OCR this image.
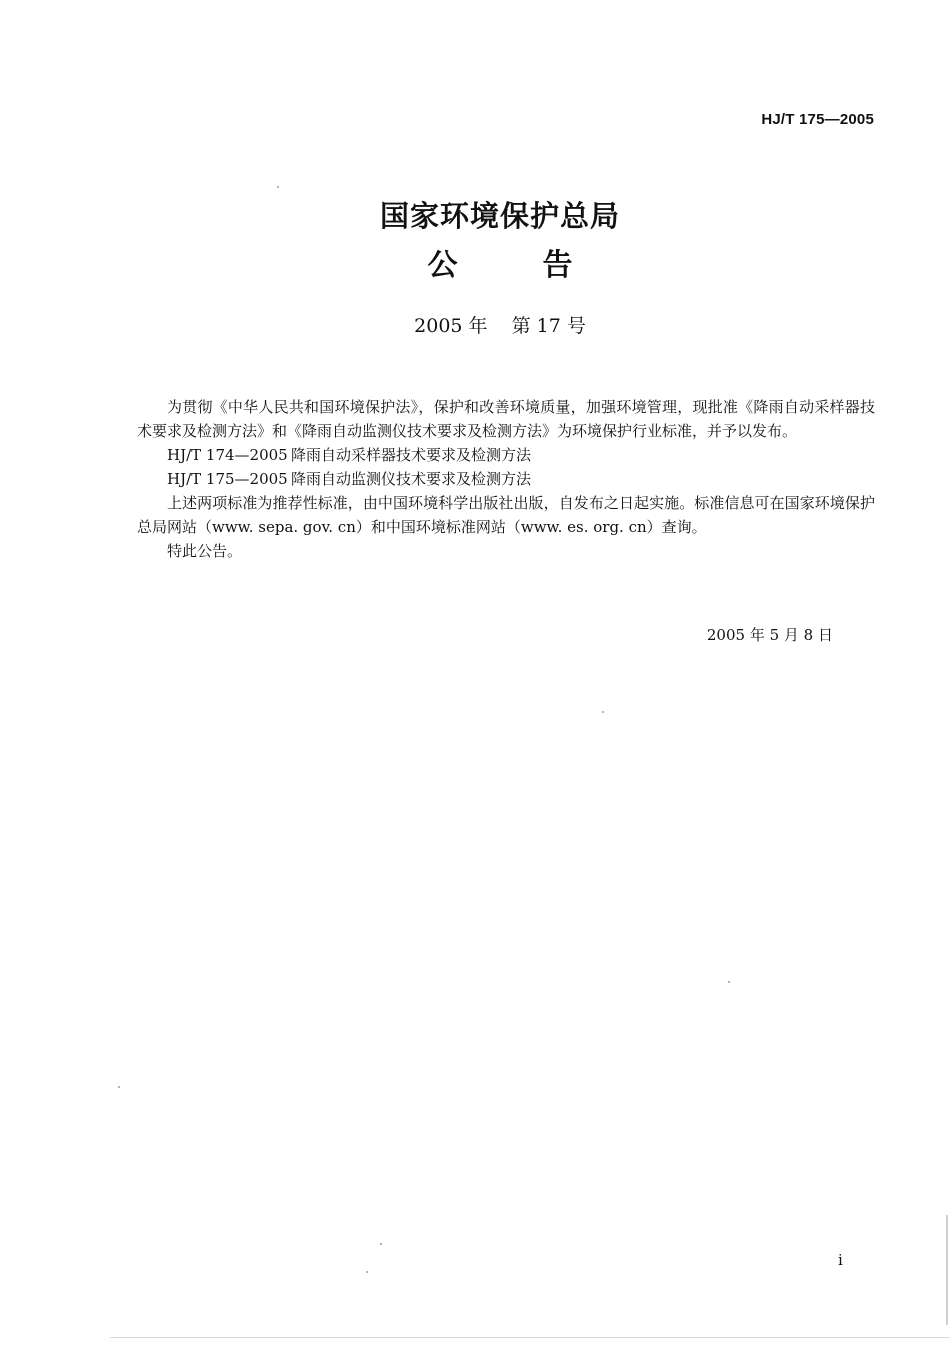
HJ/T 175—2005
国家环境保护总局
公	告
2005 年 第 17 号

为贯彻《中华人民共和国环境保护法》，保护和改善环境质量，加强环境管理，现批准《降雨自动采样器技术要求及检测方法》和《降雨自动监测仪技术要求及检测方法》为环境保护行业标准，并予以发布。

HJ/T 174—2005 降雨自动采样器技术要求及检测方法

HJ/T 175—2005 降雨自动监测仪技术要求及检测方法

上述两项标准为推荐性标准，由中国环境科学出版社出版，自发布之日起实施。标准信息可在国家环境保护总局网站（www. sepa. gov. cn）和中国环境标准网站（www. es. org. cn）查询。

特此公告。

2005 年 5 月 8 日
i
